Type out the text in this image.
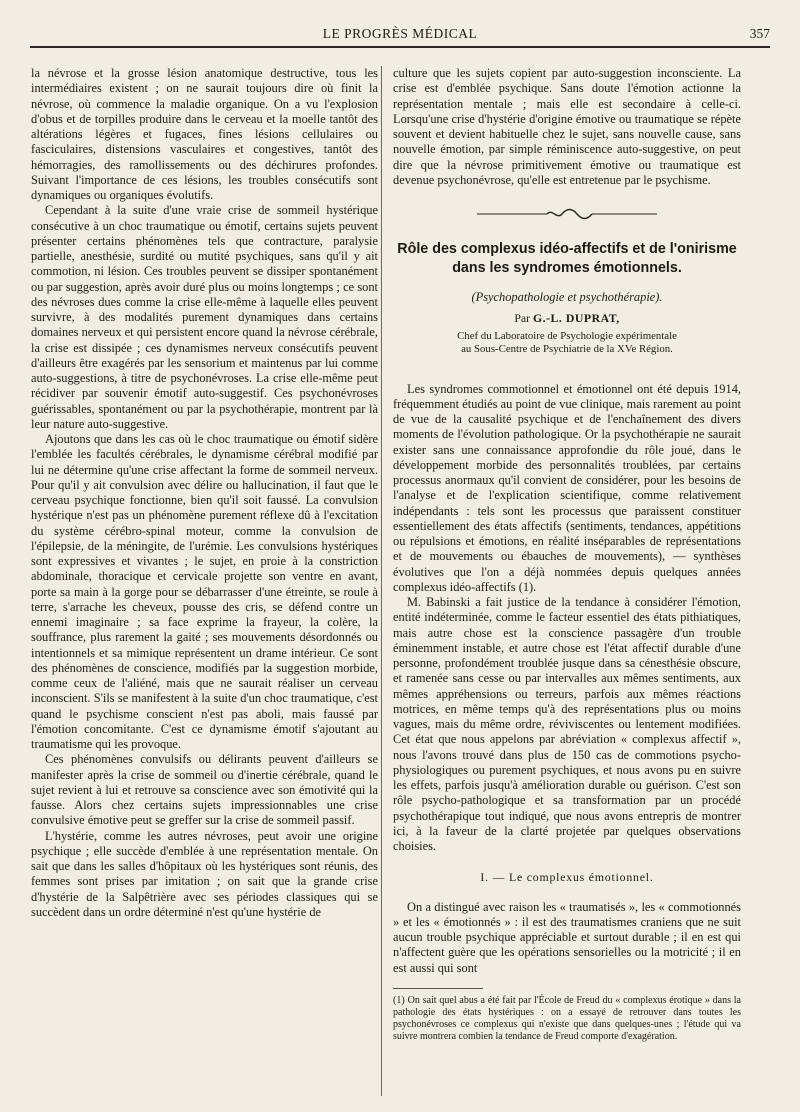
LE PROGRÈS MÉDICAL	357

la névrose et la grosse lésion anatomique destructive, tous les intermédiaires existent ; on ne saurait toujours dire où finit la névrose, où commence la maladie organique. On a vu l'explosion d'obus et de torpilles produire dans le cerveau et la moelle tantôt des altérations légères et fugaces, fines lésions cellulaires ou fasciculaires, distensions vasculaires et congestives, tantôt des hémorragies, des ramollissements ou des déchirures profondes. Suivant l'importance de ces lésions, les troubles consécutifs sont dynamiques ou organiques évolutifs.

Cependant à la suite d'une vraie crise de sommeil hystérique consécutive à un choc traumatique ou émotif, certains sujets peuvent présenter certains phénomènes tels que contracture, paralysie partielle, anesthésie, surdité ou mutité psychiques, sans qu'il y ait commotion, ni lésion. Ces troubles peuvent se dissiper spontanément ou par suggestion, après avoir duré plus ou moins longtemps ; ce sont des névroses dues comme la crise elle-même à laquelle elles peuvent survivre, à des modalités purement dynamiques dans certains domaines nerveux et qui persistent encore quand la névrose cérébrale, la crise est dissipée ; ces dynamismes nerveux consécutifs peuvent d'ailleurs être exagérés par les sensorium et maintenus par lui comme auto-suggestions, à titre de psychonévroses. La crise elle-même peut récidiver par souvenir émotif auto-suggestif. Ces psychonévroses guérissables, spontanément ou par la psychothérapie, montrent par là leur nature auto-suggestive.

Ajoutons que dans les cas où le choc traumatique ou émotif sidère l'emblée les facultés cérébrales, le dynamisme cérébral modifié par lui ne détermine qu'une crise affectant la forme de sommeil nerveux. Pour qu'il y ait convulsion avec délire ou hallucination, il faut que le cerveau psychique fonctionne, bien qu'il soit faussé. La convulsion hystérique n'est pas un phénomène purement réflexe dû à l'excitation du système cérébro-spinal moteur, comme la convulsion de l'épilepsie, de la méningite, de l'urémie. Les convulsions hystériques sont expressives et vivantes ; le sujet, en proie à la constriction abdominale, thoracique et cervicale projette son ventre en avant, porte sa main à la gorge pour se débarrasser d'une étreinte, se roule à terre, s'arrache les cheveux, pousse des cris, se défend contre un ennemi imaginaire ; sa face exprime la frayeur, la colère, la souffrance, plus rarement la gaité ; ses mouvements désordonnés ou intentionnels et sa mimique représentent un drame intérieur. Ce sont des phénomènes de conscience, modifiés par la suggestion morbide, comme ceux de l'aliéné, mais que ne saurait réaliser un cerveau inconscient. S'ils se manifestent à la suite d'un choc traumatique, c'est quand le psychisme conscient n'est pas aboli, mais faussé par l'émotion concomitante. C'est ce dynamisme émotif s'ajoutant au traumatisme qui les provoque.

Ces phénomènes convulsifs ou délirants peuvent d'ailleurs se manifester après la crise de sommeil ou d'inertie cérébrale, quand le sujet revient à lui et retrouve sa conscience avec son émotivité qui la fausse. Alors chez certains sujets impressionnables une crise convulsive émotive peut se greffer sur la crise de sommeil passif.

L'hystérie, comme les autres névroses, peut avoir une origine psychique ; elle succède d'emblée à une représentation mentale. On sait que dans les salles d'hôpitaux où les hystériques sont réunis, des femmes sont prises par imitation ; on sait que la grande crise d'hystérie de la Salpêtrière avec ses périodes classiques qui se succèdent dans un ordre déterminé n'est qu'une hystérie de

culture que les sujets copient par auto-suggestion inconsciente. La crise est d'emblée psychique. Sans doute l'émotion actionne la représentation mentale ; mais elle est secondaire à celle-ci. Lorsqu'une crise d'hystérie d'origine émotive ou traumatique se répète souvent et devient habituelle chez le sujet, sans nouvelle cause, sans nouvelle émotion, par simple réminiscence auto-suggestive, on peut dire que la névrose primitivement émotive ou traumatique est devenue psychonévrose, qu'elle est entretenue par le psychisme.

Rôle des complexus idéo-affectifs et de l'onirisme dans les syndromes émotionnels.
(Psychopathologie et psychothérapie).
Par G.-L. DUPRAT,
Chef du Laboratoire de Psychologie expérimentale
au Sous-Centre de Psychiatrie de la XVe Région.

Les syndromes commotionnel et émotionnel ont été depuis 1914, fréquemment étudiés au point de vue clinique, mais rarement au point de vue de la causalité psychique et de l'enchaînement des divers moments de l'évolution pathologique. Or la psychothérapie ne saurait exister sans une connaissance approfondie du rôle joué, dans le développement morbide des personnalités troublées, par certains processus anormaux qu'il convient de considérer, pour les besoins de l'analyse et de l'explication scientifique, comme relativement indépendants : tels sont les processus que paraissent constituer essentiellement des états affectifs (sentiments, tendances, appétitions ou répulsions et émotions, en réalité inséparables de représentations et de mouvements ou ébauches de mouvements), — synthèses évolutives que l'on a déjà nommées depuis quelques années complexus idéo-affectifs (1).

M. Babinski a fait justice de la tendance à considérer l'émotion, entité indéterminée, comme le facteur essentiel des états pithiatiques, mais autre chose est la conscience passagère d'un trouble éminemment instable, et autre chose est l'état affectif durable d'une personne, profondément troublée jusque dans sa cénesthésie obscure, et ramenée sans cesse ou par intervalles aux mêmes sentiments, aux mêmes appréhensions ou terreurs, parfois aux mêmes réactions motrices, en même temps qu'à des représentations plus ou moins vagues, mais du même ordre, réviviscentes ou lentement modifiées. Cet état que nous appelons par abréviation « complexus affectif », nous l'avons trouvé dans plus de 150 cas de commotions psycho-physiologiques ou purement psychiques, et nous avons pu en suivre les effets, parfois jusqu'à amélioration durable ou guérison. C'est son rôle psycho-pathologique et sa transformation par un procédé psychothérapique tout indiqué, que nous avons entrepris de montrer ici, à la faveur de la clarté projetée par quelques observations choisies.

I. — Le complexus émotionnel.

On a distingué avec raison les « traumatisés », les « commotionnés » et les « émotionnés » : il est des traumatismes craniens que ne suit aucun trouble psychique appréciable et surtout durable ; il en est qui n'affectent guère que les opérations sensorielles ou la motricité ; il en est aussi qui sont

(1) On sait quel abus a été fait par l'École de Freud du « complexus érotique » dans la pathologie des états hystériques : on a essayé de retrouver dans toutes les psychonévroses ce complexus qui n'existe que dans quelques-unes ; l'étude qui va suivre montrera combien la tendance de Freud comporte d'exagération.
